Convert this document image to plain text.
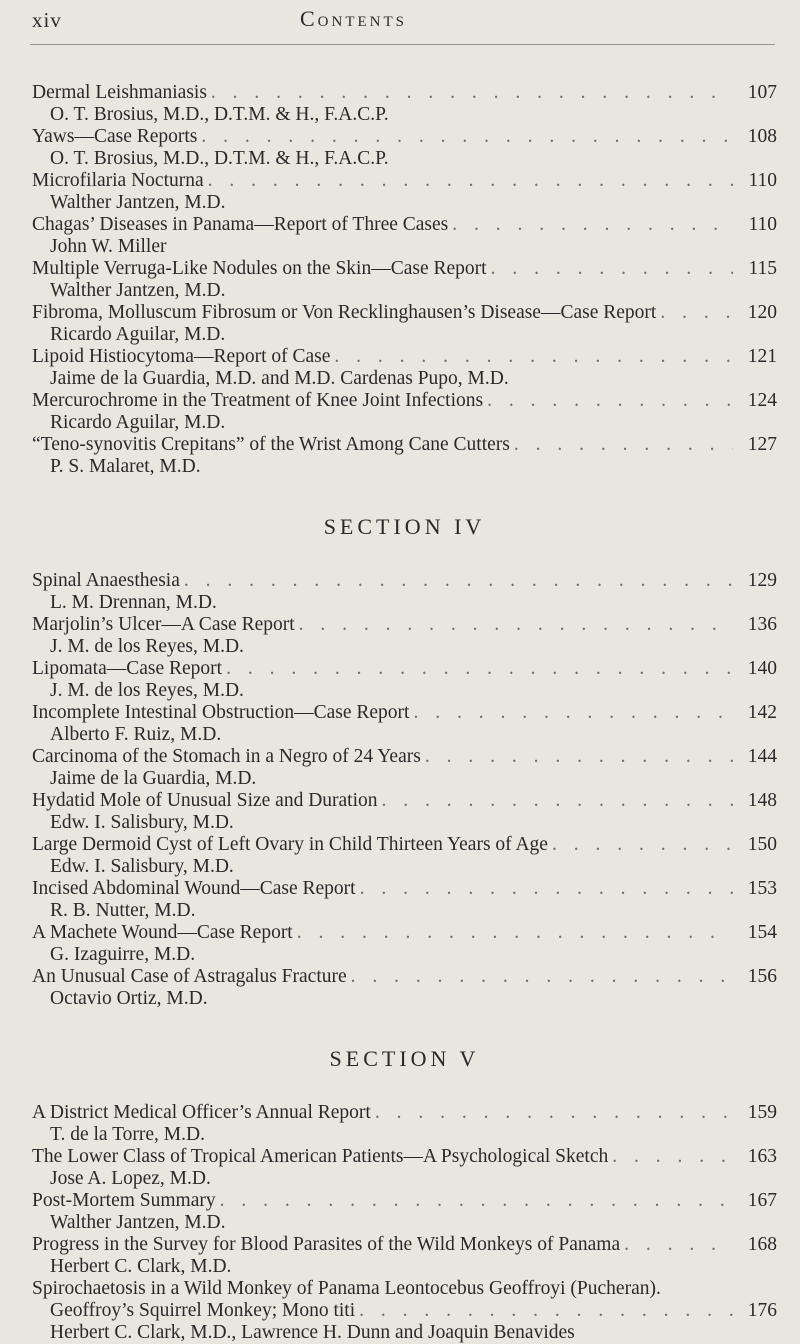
xiv	Contents
Dermal Leishmaniasis . . .	107
O. T. Brosius, M.D., D.T.M. & H., F.A.C.P.
Yaws—Case Reports . . .	108
O. T. Brosius, M.D., D.T.M. & H., F.A.C.P.
Microfilaria Nocturna . . .	110
Walther Jantzen, M.D.
Chagas’ Diseases in Panama—Report of Three Cases . . .	110
John W. Miller
Multiple Verruga-Like Nodules on the Skin—Case Report . . .	115
Walther Jantzen, M.D.
Fibroma, Molluscum Fibrosum or Von Recklinghausen’s Disease—Case Report . . .	120
Ricardo Aguilar, M.D.
Lipoid Histiocytoma—Report of Case . . .	121
Jaime de la Guardia, M.D. and M.D. Cardenas Pupo, M.D.
Mercurochrome in the Treatment of Knee Joint Infections . . .	124
Ricardo Aguilar, M.D.
“Teno-synovitis Crepitans” of the Wrist Among Cane Cutters . . .	127
P. S. Malaret, M.D.
SECTION IV
Spinal Anaesthesia . . .	129
L. M. Drennan, M.D.
Marjolin’s Ulcer—A Case Report . . .	136
J. M. de los Reyes, M.D.
Lipomata—Case Report . . .	140
J. M. de los Reyes, M.D.
Incomplete Intestinal Obstruction—Case Report . . .	142
Alberto F. Ruiz, M.D.
Carcinoma of the Stomach in a Negro of 24 Years . . .	144
Jaime de la Guardia, M.D.
Hydatid Mole of Unusual Size and Duration . . .	148
Edw. I. Salisbury, M.D.
Large Dermoid Cyst of Left Ovary in Child Thirteen Years of Age . . .	150
Edw. I. Salisbury, M.D.
Incised Abdominal Wound—Case Report . . .	153
R. B. Nutter, M.D.
A Machete Wound—Case Report . . .	154
G. Izaguirre, M.D.
An Unusual Case of Astragalus Fracture . . .	156
Octavio Ortiz, M.D.
SECTION V
A District Medical Officer’s Annual Report . . .	159
T. de la Torre, M.D.
The Lower Class of Tropical American Patients—A Psychological Sketch . . .	163
Jose A. Lopez, M.D.
Post-Mortem Summary . . .	167
Walther Jantzen, M.D.
Progress in the Survey for Blood Parasites of the Wild Monkeys of Panama . . .	168
Herbert C. Clark, M.D.
Spirochaetosis in a Wild Monkey of Panama Leontocebus Geoffroyi (Pucheran).
Geoffroy’s Squirrel Monkey; Mono titi . . .	176
Herbert C. Clark, M.D., Lawrence H. Dunn and Joaquin Benavides
